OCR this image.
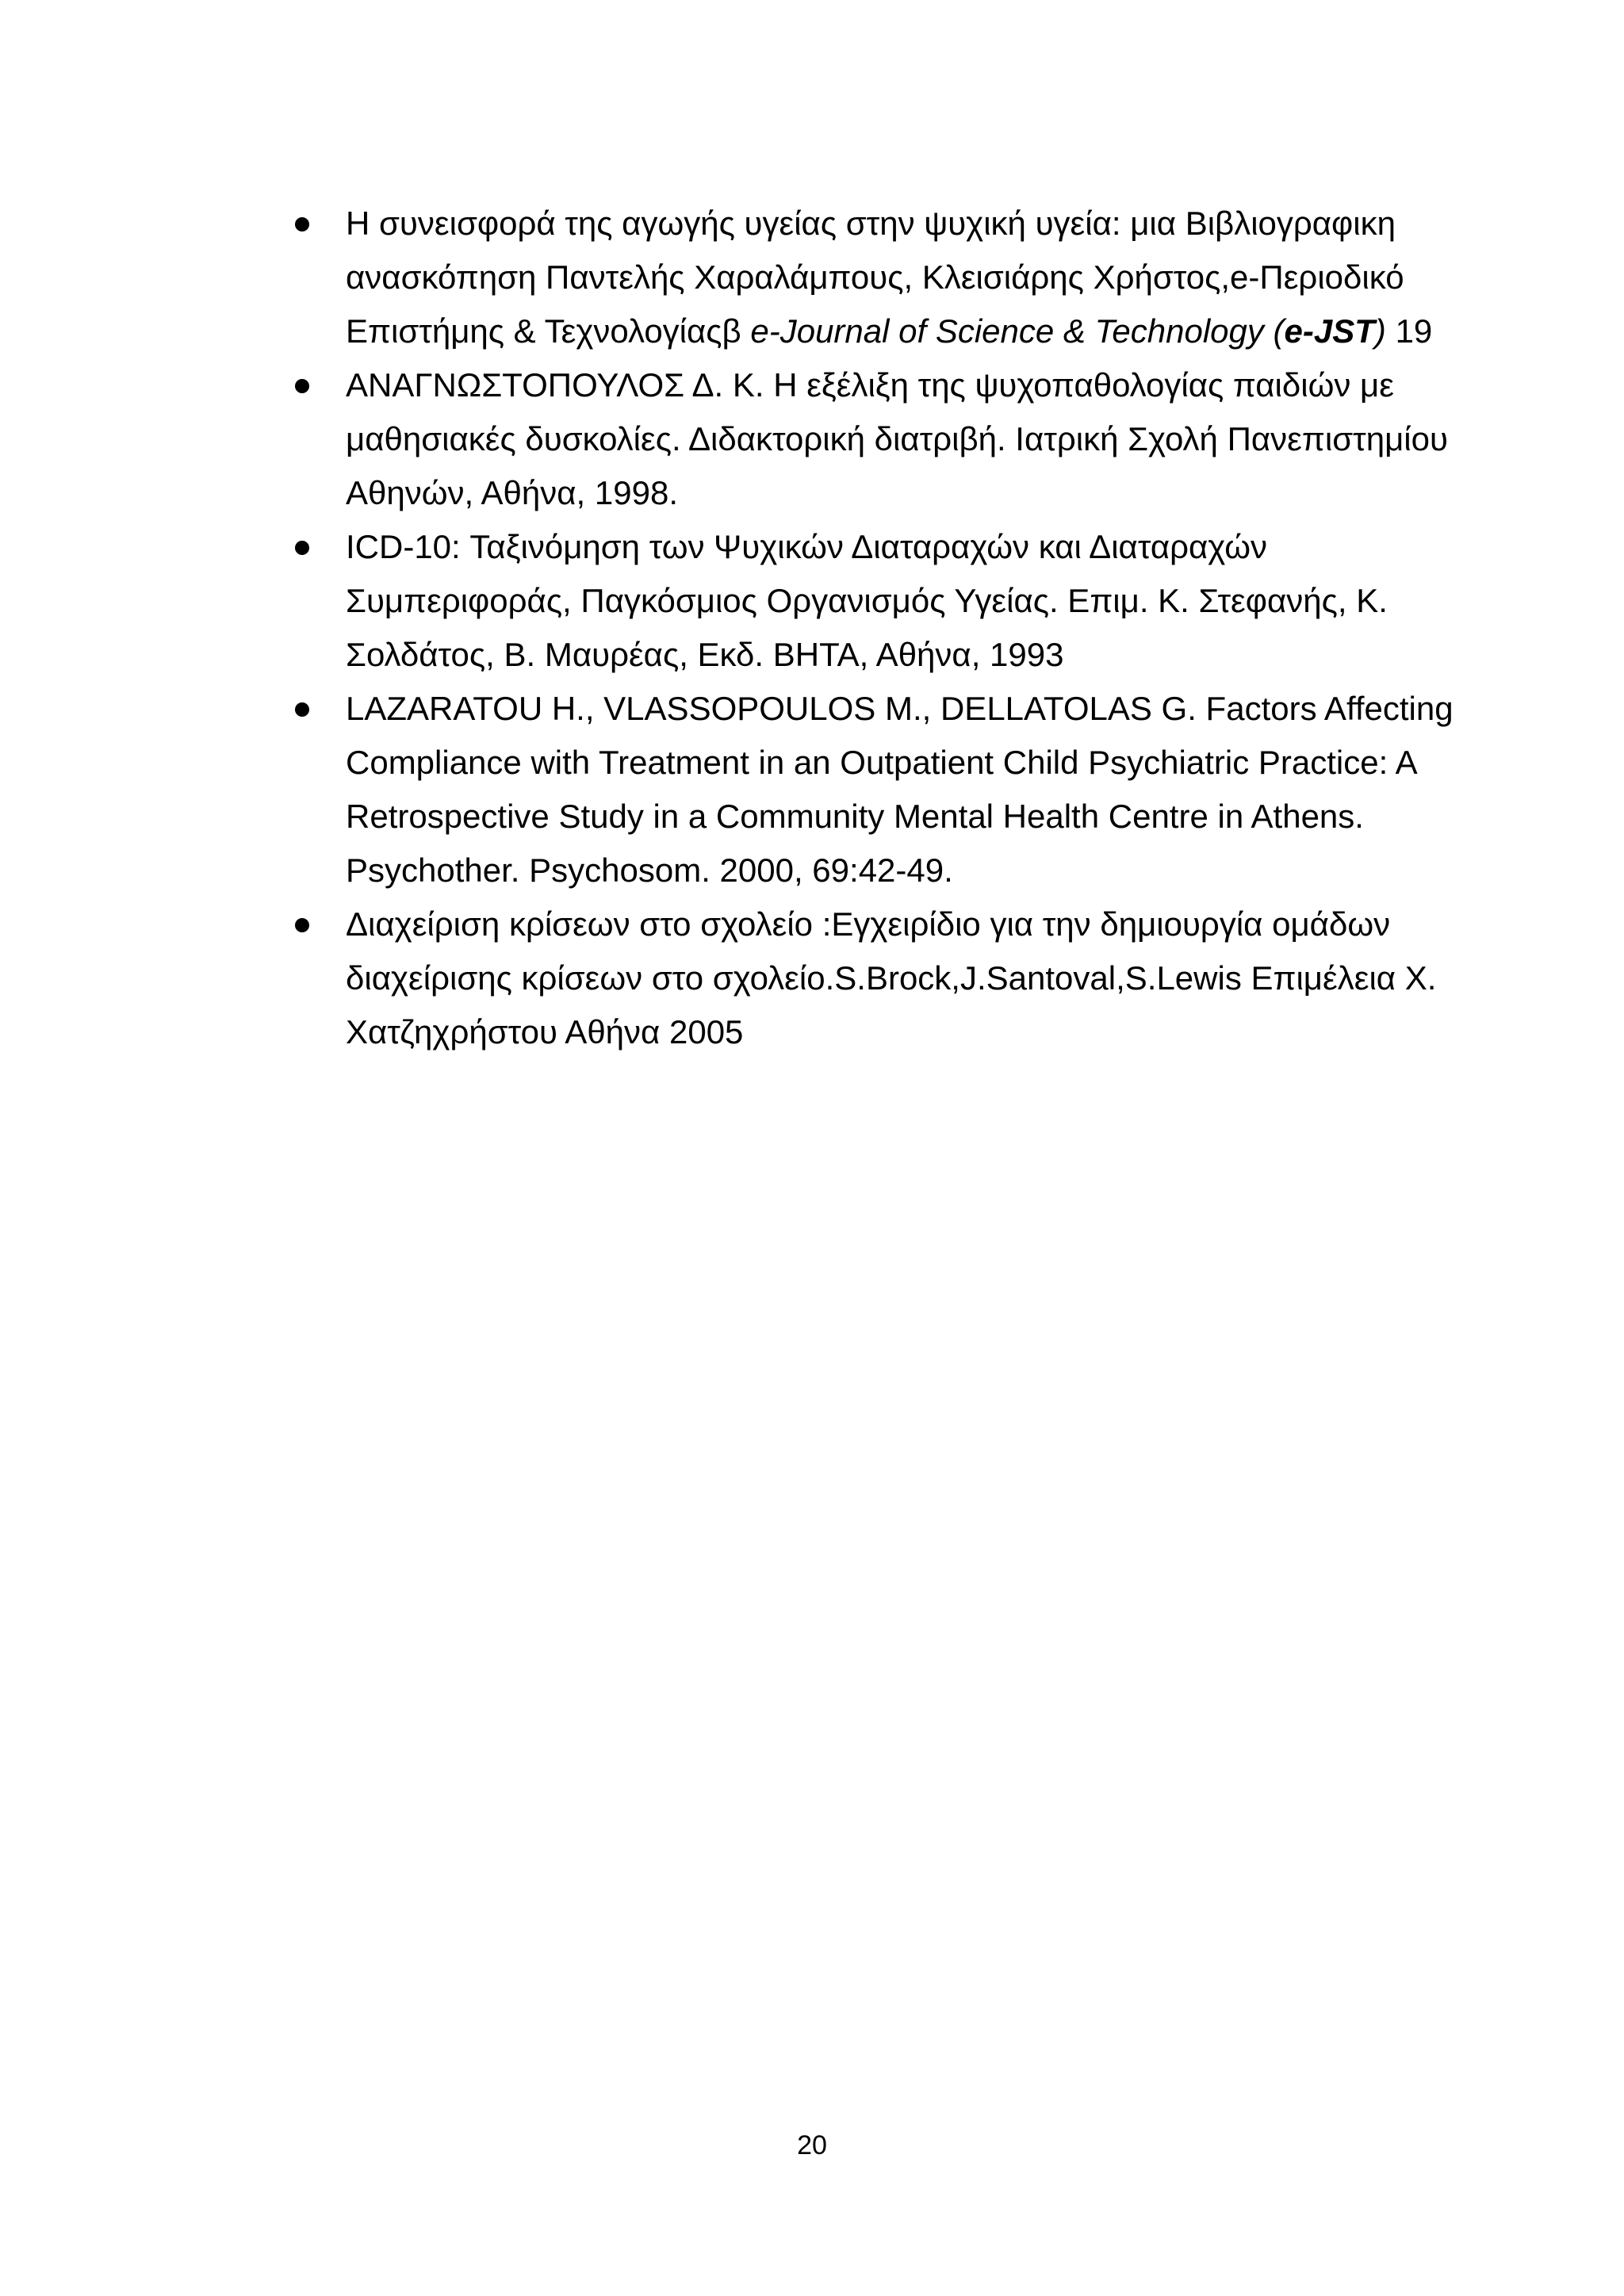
Η συνεισφορά της αγωγής υγείας στην ψυχική υγεία: μια Βιβλιογραφικη ανασκόπηση Παντελής Χαραλάμπους, Κλεισιάρης Χρήστος,e-Περιοδικό Επιστήμης & Τεχνολογίαςβ e-Journal of Science & Technology (e-JST) 19
ΑΝΑΓΝΩΣΤΟΠΟΥΛΟΣ Δ. Κ. Η εξέλιξη της ψυχοπαθολογίας παιδιών με μαθησιακές δυσκολίες. Διδακτορική διατριβή. Ιατρική Σχολή Πανεπιστημίου Αθηνών, Αθήνα, 1998.
ICD-10: Ταξινόμηση των Ψυχικών Διαταραχών και Διαταραχών Συμπεριφοράς, Παγκόσμιος Οργανισμός Υγείας. Επιμ. Κ. Στεφανής, Κ. Σολδάτος, Β. Μαυρέας, Εκδ. ΒΗΤΑ, Αθήνα, 1993
LAZARATOU H., VLASSOPOULOS M., DELLATOLAS G. Factors Affecting Compliance with Treatment in an Outpatient Child Psychiatric Practice: A Retrospective Study in a Community Mental Health Centre in Athens. Psychother. Psychosom. 2000, 69:42-49.
Διαχείριση κρίσεων στο σχολείο :Εγχειρίδιο για την δημιουργία ομάδων διαχείρισης κρίσεων στο σχολείο.S.Brock,J.Santoval,S.Lewis Επιμέλεια Χ. Χατζηχρήστου Αθήνα 2005
20
